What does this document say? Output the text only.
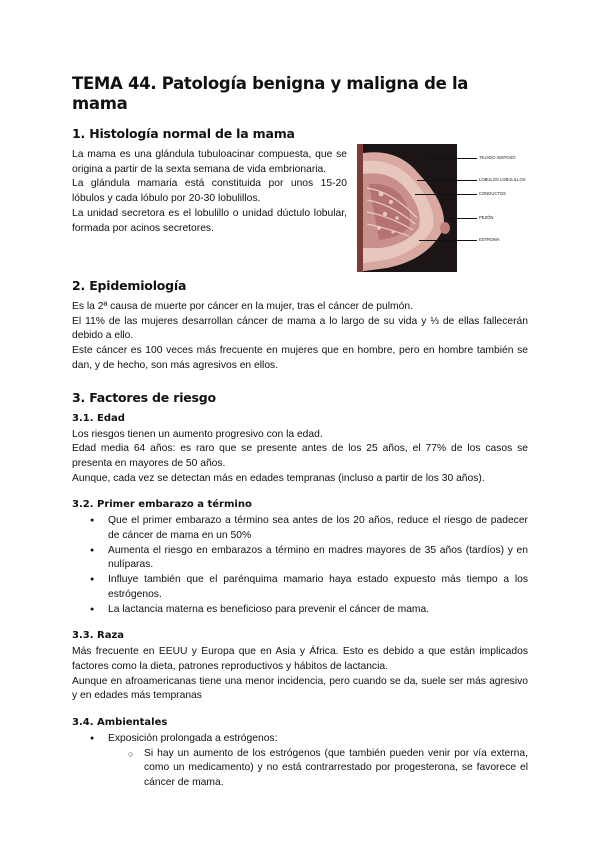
TEMA 44. Patología benigna y maligna de la mama
1. Histología normal de la mama

La mama es una glándula tubuloacinar compuesta, que se origina a partir de la sexta semana de vida embrionaria.

La glándula mamaria está constituida por unos 15-20 lóbulos y cada lóbulo por 20-30 lobulillos.

La unidad secretora es el lobulillo o unidad dúctulo lobular, formada por acinos secretores.

TEJADO ADIPOSO
LOBULOS LOBULILLOS
CONDUCTOS
PEZÓN
ESTROMA
2. Epidemiología

Es la 2ª causa de muerte por cáncer en la mujer, tras el cáncer de pulmón.

El 11% de las mujeres desarrollan cáncer de mama a lo largo de su vida y ⅓ de ellas fallecerán debido a ello.

Este cáncer es 100 veces más frecuente en mujeres que en hombre, pero en hombre también se dan, y de hecho, son más agresivos en ellos.

3. Factores de riesgo
3.1. Edad

Los riesgos tienen un aumento progresivo con la edad.

Edad media 64 años: es raro que se presente antes de los 25 años, el 77% de los casos se presenta en mayores de 50 años.

Aunque, cada vez se detectan más en edades tempranas (incluso a partir de los 30 años).

3.2. Primer embarazo a término
● Que el primer embarazo a término sea antes de los 20 años, reduce el riesgo de padecer de cáncer de mama en un 50%
● Aumenta el riesgo en embarazos a término en madres mayores de 35 años (tardíos) y en nulíparas.
● Influye también que el parénquima mamario haya estado expuesto más tiempo a los estrógenos.
● La lactancia materna es beneficioso para prevenir el cáncer de mama.
3.3. Raza

Más frecuente en EEUU y Europa que en Asia y África. Esto es debido a que están implicados factores como la dieta, patrones reproductivos y hábitos de lactancia.

Aunque en afroamericanas tiene una menor incidencia, pero cuando se da, suele ser más agresivo y en edades más tempranas

3.4. Ambientales
● Exposición prolongada a estrógenos:
○ Si hay un aumento de los estrógenos (que también pueden venir por vía externa, como un medicamento) y no está contrarrestado por progesterona, se favorece el cáncer de mama.
